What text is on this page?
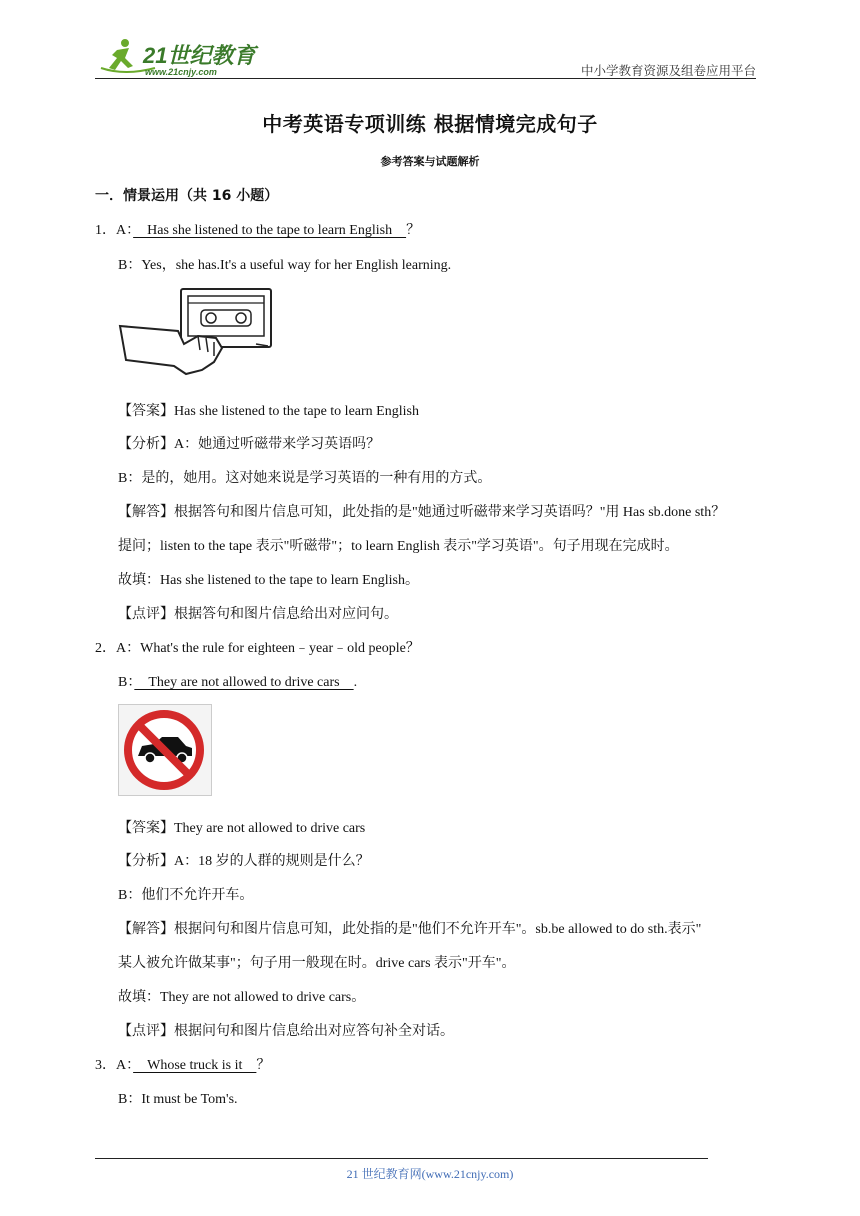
21世纪教育
www.21cnjy.com	中小学教育资源及组卷应用平台
中考英语专项训练 根据情境完成句子
参考答案与试题解析
一．情景运用（共 16 小题）
1．A：　Has she listened to the tape to learn English　？
B：Yes，she has.It's a useful way for her English learning.
【答案】Has she listened to the tape to learn English
【分析】A：她通过听磁带来学习英语吗？
B：是的，她用。这对她来说是学习英语的一种有用的方式。
【解答】根据答句和图片信息可知，此处指的是"她通过听磁带来学习英语吗？"用 Has sb.done sth？
提问；listen to the tape 表示"听磁带"；to learn English 表示"学习英语"。句子用现在完成时。
故填：Has she listened to the tape to learn English。
【点评】根据答句和图片信息给出对应问句。
2．A：What's the rule for eighteen﹣year﹣old people？
B：　They are not allowed to drive cars　.
【答案】They are not allowed to drive cars
【分析】A：18 岁的人群的规则是什么？
B：他们不允许开车。
【解答】根据问句和图片信息可知，此处指的是"他们不允许开车"。sb.be allowed to do sth.表示"
某人被允许做某事"；句子用一般现在时。drive cars 表示"开车"。
故填：They are not allowed to drive cars。
【点评】根据问句和图片信息给出对应答句补全对话。
3．A：　Whose truck is it　？
B：It must be Tom's.
21 世纪教育网(www.21cnjy.com)
